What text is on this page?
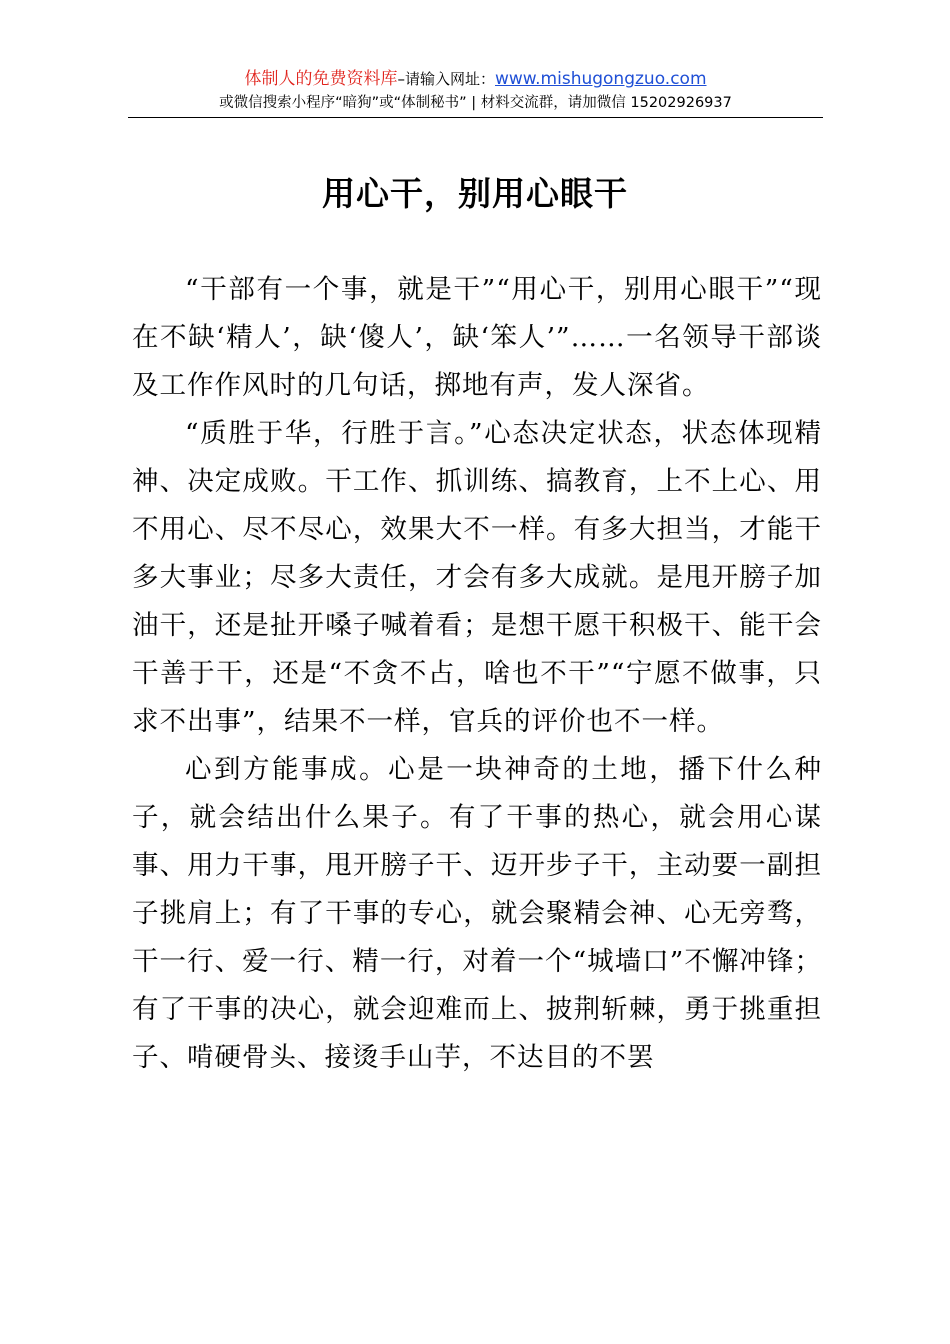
体制人的免费资料库–请输入网址：www.mishugongzuo.com
或微信搜索小程序“暗狗”或“体制秘书” | 材料交流群，请加微信 15202926937
用心干，别用心眼干

“干部有一个事，就是干”“用心干，别用心眼干”“现在不缺‘精人’，缺‘傻人’，缺‘笨人’”……一名领导干部谈及工作作风时的几句话，掷地有声，发人深省。

“质胜于华，行胜于言。”心态决定状态，状态体现精神、决定成败。干工作、抓训练、搞教育，上不上心、用不用心、尽不尽心，效果大不一样。有多大担当，才能干多大事业；尽多大责任，才会有多大成就。是甩开膀子加油干，还是扯开嗓子喊着看；是想干愿干积极干、能干会干善于干，还是“不贪不占，啥也不干”“宁愿不做事，只求不出事”，结果不一样，官兵的评价也不一样。

心到方能事成。心是一块神奇的土地，播下什么种子，就会结出什么果子。有了干事的热心，就会用心谋事、用力干事，甩开膀子干、迈开步子干，主动要一副担子挑肩上；有了干事的专心，就会聚精会神、心无旁骛，干一行、爱一行、精一行，对着一个“城墙口”不懈冲锋；有了干事的决心，就会迎难而上、披荆斩棘，勇于挑重担子、啃硬骨头、接烫手山芋，不达目的不罢
